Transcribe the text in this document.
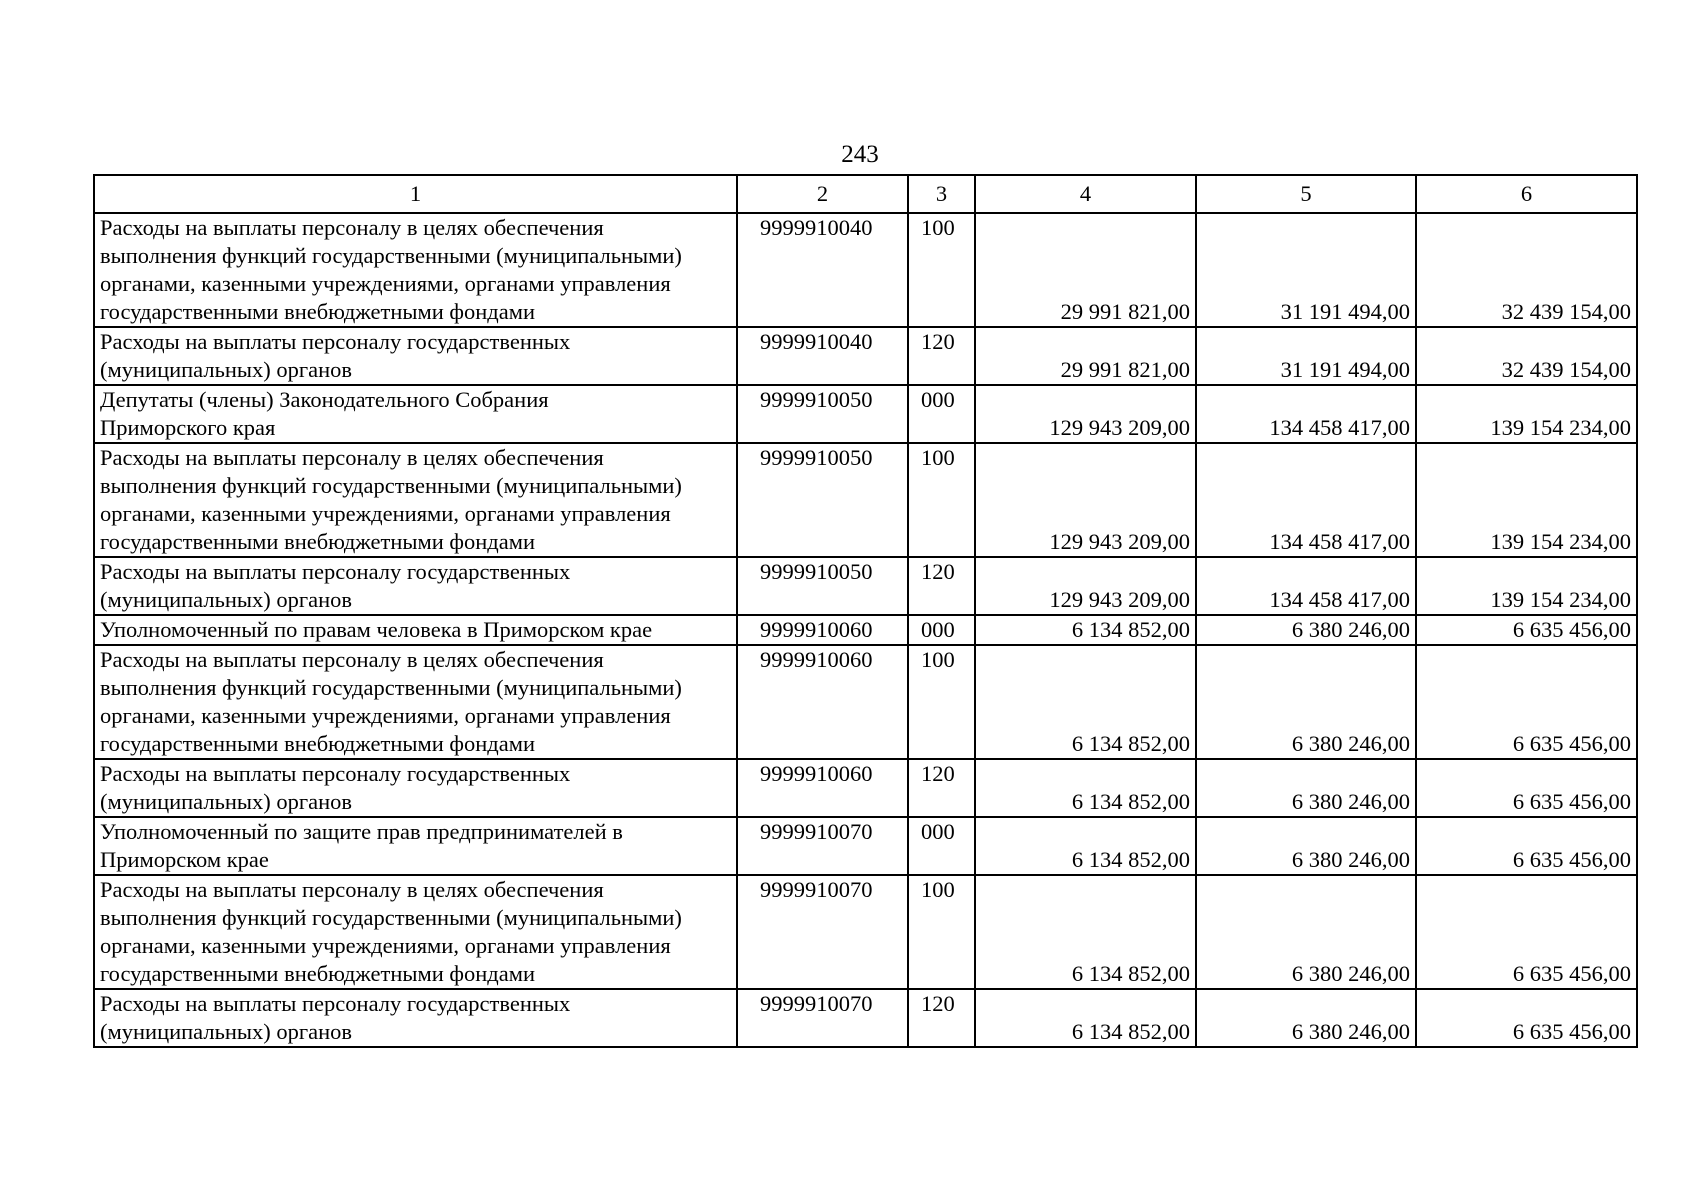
243
1	2	3	4	5	6

Расходы на выплаты персоналу в целях обеспечения
выполнения функций государственными (муниципальными)
органами, казенными учреждениями, органами управления
государственными внебюджетными фондами	9999910040	100	29 991 821,00	31 191 494,00	32 439 154,00

Расходы на выплаты персоналу государственных
(муниципальных) органов	9999910040	120	29 991 821,00	31 191 494,00	32 439 154,00

Депутаты (члены) Законодательного Собрания
Приморского края	9999910050	000	129 943 209,00	134 458 417,00	139 154 234,00

Расходы на выплаты персоналу в целях обеспечения
выполнения функций государственными (муниципальными)
органами, казенными учреждениями, органами управления
государственными внебюджетными фондами	9999910050	100	129 943 209,00	134 458 417,00	139 154 234,00

Расходы на выплаты персоналу государственных
(муниципальных) органов	9999910050	120	129 943 209,00	134 458 417,00	139 154 234,00

Уполномоченный по правам человека в Приморском крае	9999910060	000	6 134 852,00	6 380 246,00	6 635 456,00

Расходы на выплаты персоналу в целях обеспечения
выполнения функций государственными (муниципальными)
органами, казенными учреждениями, органами управления
государственными внебюджетными фондами	9999910060	100	6 134 852,00	6 380 246,00	6 635 456,00

Расходы на выплаты персоналу государственных
(муниципальных) органов	9999910060	120	6 134 852,00	6 380 246,00	6 635 456,00

Уполномоченный по защите прав предпринимателей в
Приморском крае	9999910070	000	6 134 852,00	6 380 246,00	6 635 456,00

Расходы на выплаты персоналу в целях обеспечения
выполнения функций государственными (муниципальными)
органами, казенными учреждениями, органами управления
государственными внебюджетными фондами	9999910070	100	6 134 852,00	6 380 246,00	6 635 456,00

Расходы на выплаты персоналу государственных
(муниципальных) органов	9999910070	120	6 134 852,00	6 380 246,00	6 635 456,00
